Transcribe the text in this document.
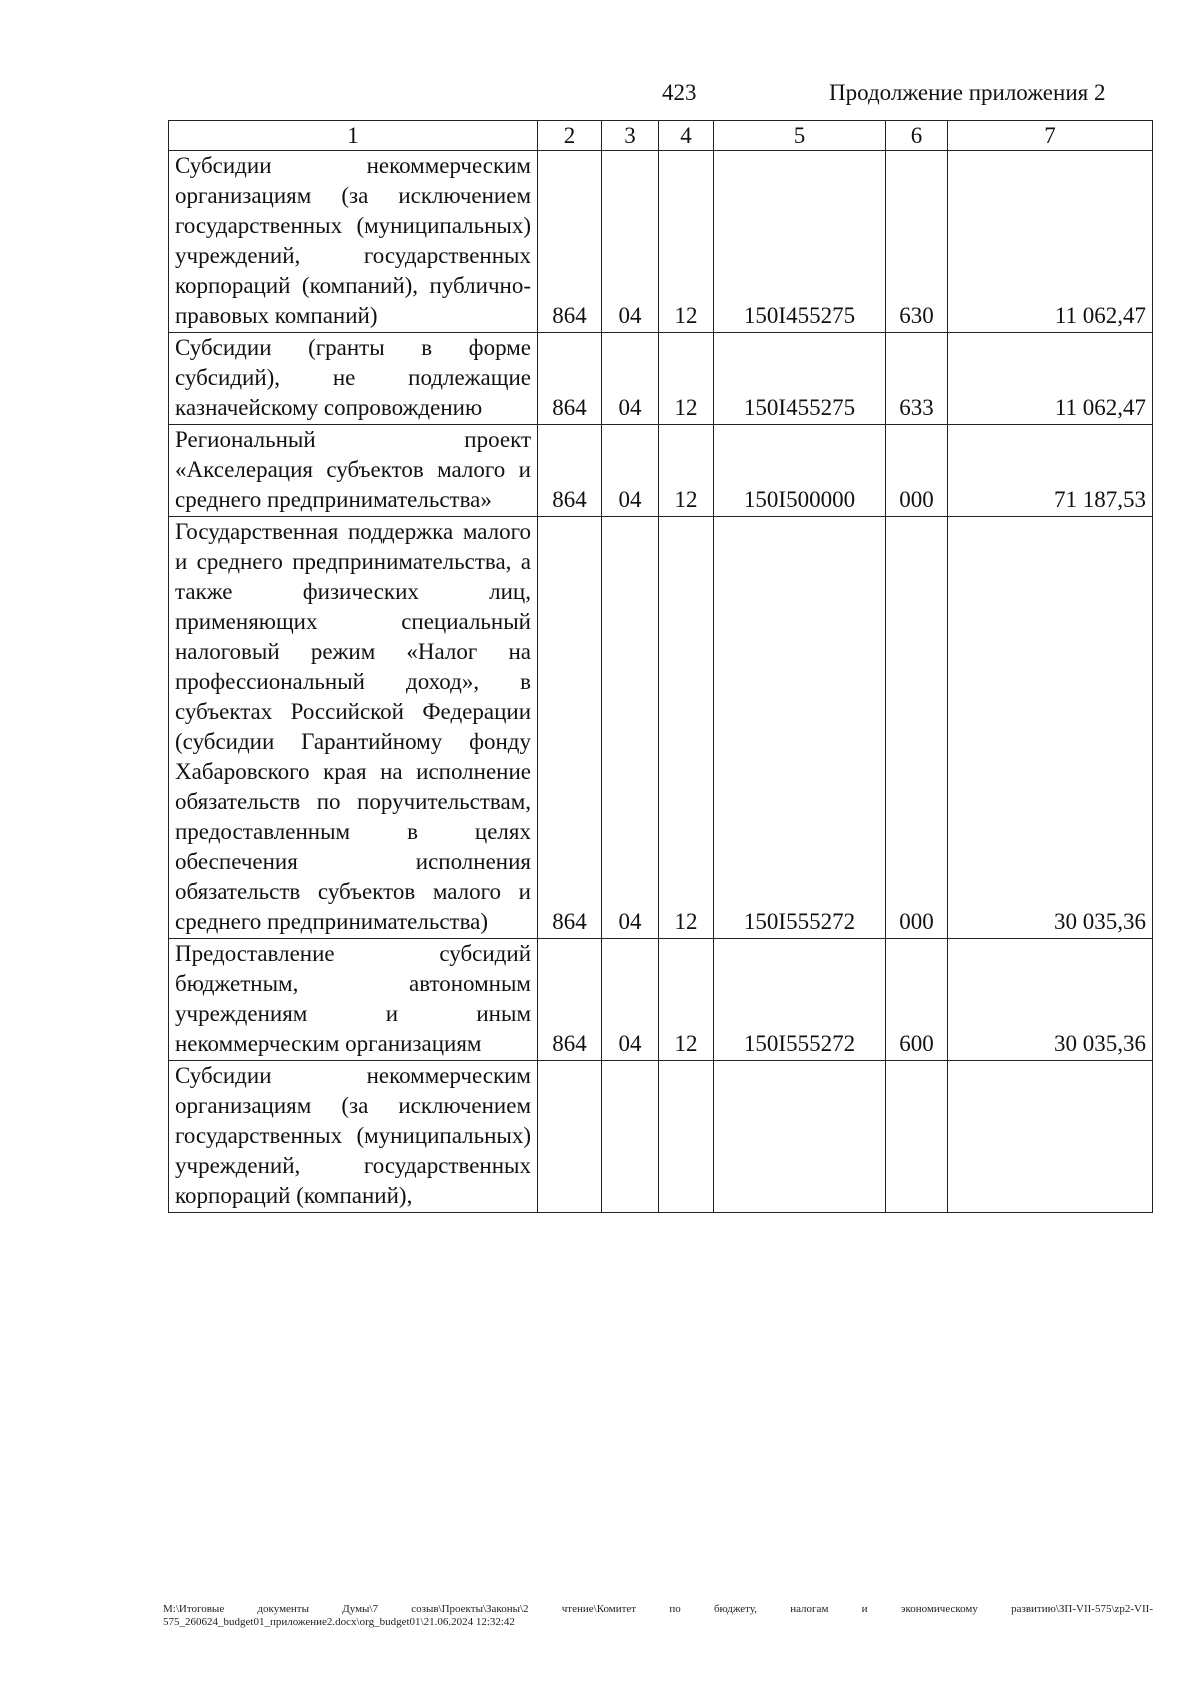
423	Продолжение приложения 2
1	2	3	4	5	6	7
Субсидии некоммерческим организациям (за исключением государственных (муниципальных) учреждений, государственных корпораций (компаний), публично-правовых компаний)	864	04	12	150I455275	630	11 062,47
Субсидии (гранты в форме субсидий), не подлежащие казначейскому сопровождению	864	04	12	150I455275	633	11 062,47
Региональный проект «Акселерация субъектов малого и среднего предпринимательства»	864	04	12	150I500000	000	71 187,53
Государственная поддержка малого и среднего предпринимательства, а также физических лиц, применяющих специальный налоговый режим «Налог на профессиональный доход», в субъектах Российской Федерации (субсидии Гарантийному фонду Хабаровского края на исполнение обязательств по поручительствам, предоставленным в целях обеспечения исполнения обязательств субъектов малого и среднего предпринимательства)	864	04	12	150I555272	000	30 035,36
Предоставление субсидий бюджетным, автономным учреждениям и иным некоммерческим организациям	864	04	12	150I555272	600	30 035,36
Субсидии некоммерческим организациям (за исключением государственных (муниципальных) учреждений, государственных корпораций (компаний),						
M:\Итоговые документы Думы\7 созыв\Проекты\Законы\2 чтение\Комитет по бюджету, налогам и экономическому развитию\ЗП-VII-575\zp2-VII-575_260624_budget01_приложение2.docx\org_budget01\21.06.2024 12:32:42
